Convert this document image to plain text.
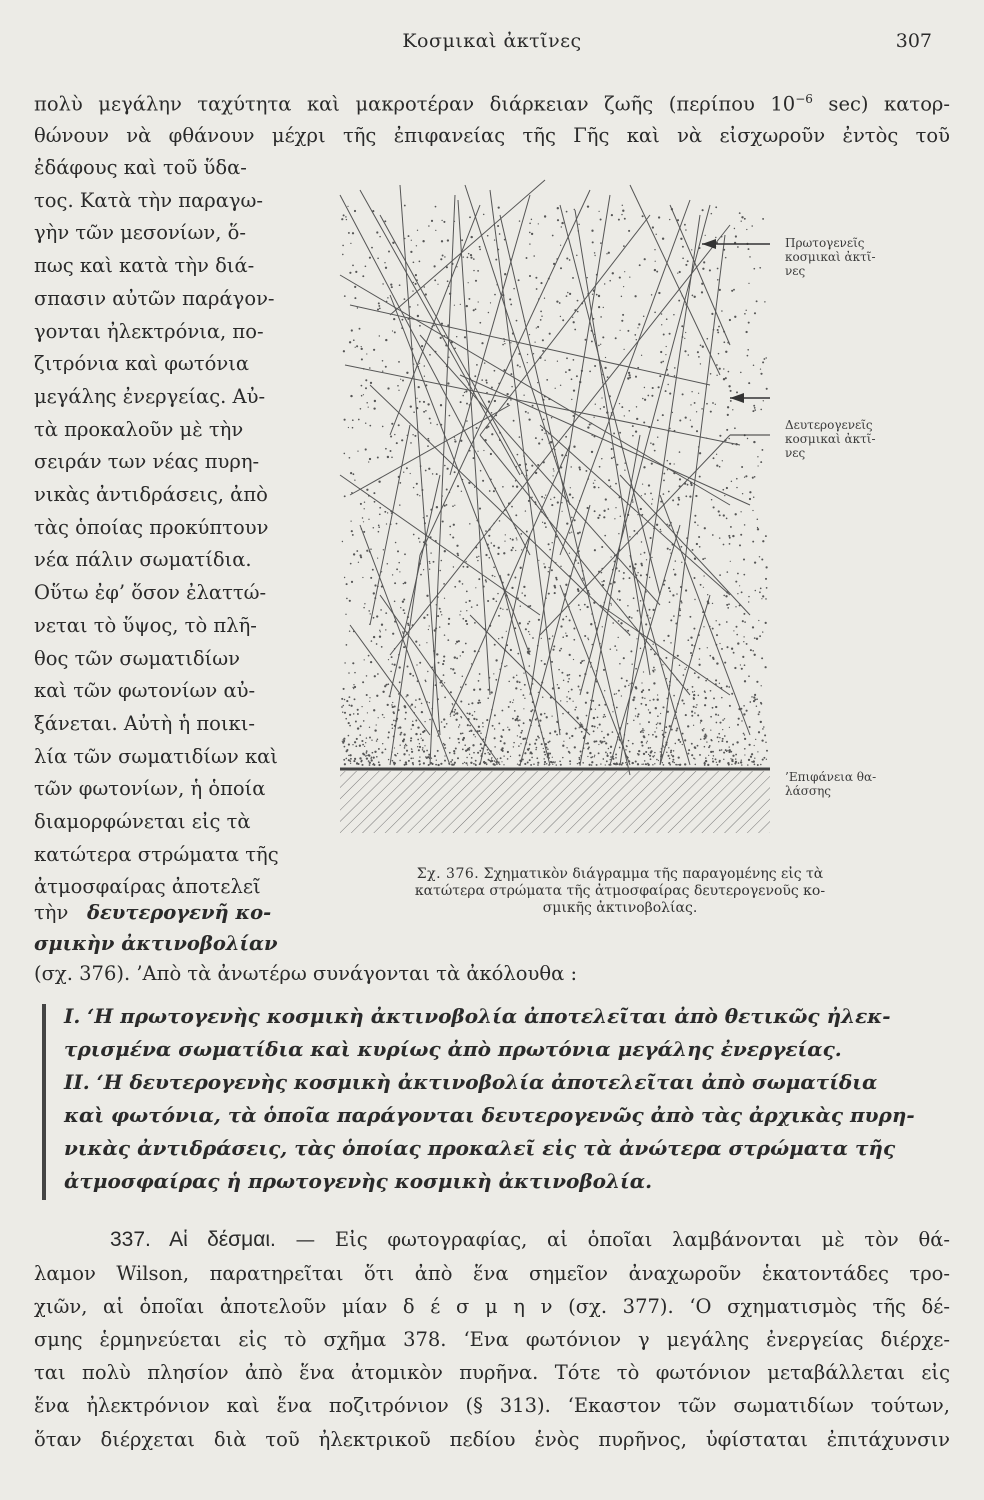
Κοσμικαὶ ἀκτῖνες	307
πολὺ μεγάλην ταχύτητα καὶ μακροτέραν διάρκειαν ζωῆς (περίπου $10^{-6}$ sec) κατορ-
θώνουν νὰ φθάνουν μέχρι τῆς ἐπιφανείας τῆς Γῆς καὶ νὰ εἰσχωροῦν ἐντὸς τοῦ
ἐδάφους καὶ τοῦ ὕδα-
τος. Κατὰ τὴν παραγω-
γὴν τῶν μεσονίων, ὅ-
πως καὶ κατὰ τὴν διά-
σπασιν αὐτῶν παράγον-
γονται ἠλεκτρόνια, πο-
ζιτρόνια καὶ φωτόνια
μεγάλης ἐνεργείας. Αὐ-
τὰ προκαλοῦν μὲ τὴν
σειράν των νέας πυρη-
νικὰς ἀντιδράσεις, ἀπὸ
τὰς ὁποίας προκύπτουν
νέα πάλιν σωματίδια.
Οὕτω ἐφ’ ὅσον ἐλαττώ-
νεται τὸ ὕψος, τὸ πλῆ-
θος τῶν σωματιδίων
καὶ τῶν φωτονίων αὐ-
ξάνεται. Αὐτὴ ἡ ποικι-
λία τῶν σωματιδίων καὶ
τῶν φωτονίων, ἡ ὁποία
διαμορφώνεται εἰς τὰ
κατώτερα στρώματα τῆς
ἀτμοσφαίρας ἀποτελεῖ
τὴν δευτερογενῆ κο-
σμικὴν ἀκτινοβολίαν
(σχ. 376). ’Απὸ τὰ ἀνωτέρω συνάγονται τὰ ἀκόλουθα :
Πρωτογενεῖς
κοσμικαὶ ἀκτῖ-
νες
Δευτερογενεῖς
κοσμικαὶ ἀκτῖ-
νες
’Επιφάνεια θα-
λάσσης
Σχ. 376. Σχηματικὸν διάγραμμα τῆς παραγομένης εἰς τὰ
κατώτερα στρώματα τῆς ἀτμοσφαίρας δευτερογενοῦς κο-
σμικῆς ἀκτινοβολίας.
I. ‘Η πρωτογενὴς κοσμικὴ ἀκτινοβολία ἀποτελεῖται ἀπὸ θετικῶς ἠλεκ-
τρισμένα σωματίδια καὶ κυρίως ἀπὸ πρωτόνια μεγάλης ἐνεργείας.
II. ‘Η δευτερογενὴς κοσμικὴ ἀκτινοβολία ἀποτελεῖται ἀπὸ σωματίδια
καὶ φωτόνια, τὰ ὁποῖα παράγονται δευτερογενῶς ἀπὸ τὰς ἀρχικὰς πυρη-
νικὰς ἀντιδράσεις, τὰς ὁποίας προκαλεῖ εἰς τὰ ἀνώτερα στρώματα τῆς
ἀτμοσφαίρας ἡ πρωτογενὴς κοσμικὴ ἀκτινοβολία.
337. Αἱ δέσμαι. — Εἰς φωτογραφίας, αἱ ὁποῖαι λαμβάνονται μὲ τὸν θά-
λαμον Wilson, παρατηρεῖται ὅτι ἀπὸ ἕνα σημεῖον ἀναχωροῦν ἑκατοντάδες τρο-
χιῶν, αἱ ὁποῖαι ἀποτελοῦν μίαν δ έ σ μ η ν (σχ. 377). ‘Ο σχηματισμὸς τῆς δέ-
σμης ἑρμηνεύεται εἰς τὸ σχῆμα 378. ‘Ενα φωτόνιον γ μεγάλης ἐνεργείας διέρχε-
ται πολὺ πλησίον ἀπὸ ἕνα ἀτομικὸν πυρῆνα. Τότε τὸ φωτόνιον μεταβάλλεται εἰς
ἕνα ἠλεκτρόνιον καὶ ἕνα ποζιτρόνιον (§ 313). ‘Εκαστον τῶν σωματιδίων τούτων,
ὅταν διέρχεται διὰ τοῦ ἠλεκτρικοῦ πεδίου ἑνὸς πυρῆνος, ὑφίσταται ἐπιτάχυνσιν
